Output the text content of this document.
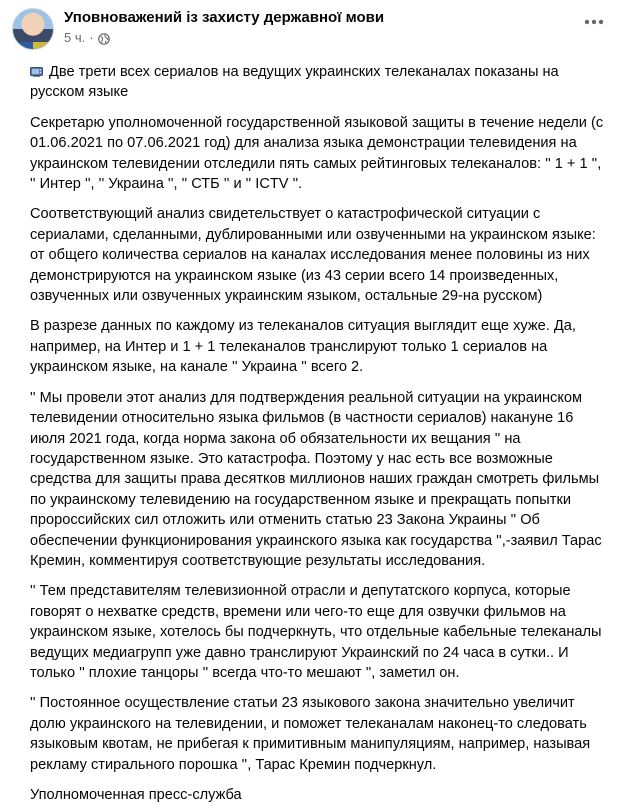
Уповноважений із захисту державної мови
5 ч. ·

Две трети всех сериалов на ведущих украинских телеканалах показаны на русском языке

Секретарю уполномоченной государственной языковой защиты в течение недели (с 01.06.2021 по 07.06.2021 год) для анализа языка демонстрации телевидения на украинском телевидении отследили пять самых рейтинговых телеканалов: '' 1 + 1 '', '' Интер '', '' Украина '', '' СТБ '' и '' ICTV ''.

Соответствующий анализ свидетельствует о катастрофической ситуации с сериалами, сделанными, дублированными или озвученными на украинском языке: от общего количества сериалов на каналах исследования менее половины из них демонстрируются на украинском языке (из 43 серии всего 14 произведенных, озвученных или озвученных украинским языком, остальные 29-на русском)

В разрезе данных по каждому из телеканалов ситуация выглядит еще хуже. Да, например, на Интер и 1 + 1 телеканалов транслируют только 1 сериалов на украинском языке, на канале '' Украина '' всего 2.

'' Мы провели этот анализ для подтверждения реальной ситуации на украинском телевидении относительно языка фильмов (в частности сериалов) накануне 16 июля 2021 года, когда норма закона об обязательности их вещания '' на государственном языке. Это катастрофа. Поэтому у нас есть все возможные средства для защиты права десятков миллионов наших граждан смотреть фильмы по украинскому телевидению на государственном языке и прекращать попытки пророссийских сил отложить или отменить статью 23 Закона Украины '' Об обеспечении функционирования украинского языка как государства '',-заявил Тарас Кремин, комментируя соответствующие результаты исследования.

'' Тем представителям телевизионной отрасли и депутатского корпуса, которые говорят о нехватке средств, времени или чего-то еще для озвучки фильмов на украинском языке, хотелось бы подчеркнуть, что отдельные кабельные телеканалы ведущих медиагрупп уже давно транслируют Украинский по 24 часа в сутки.. И только '' плохие танцоры '' всегда что-то мешают '', заметил он.

'' Постоянное осуществление статьи 23 языкового закона значительно увеличит долю украинского на телевидении, и поможет телеканалам наконец-то следовать языковым квотам, не прибегая к примитивным манипуляциям, например, называя рекламу стирального порошка '', Тарас Кремин подчеркнул.

Уполномоченная пресс-служба
